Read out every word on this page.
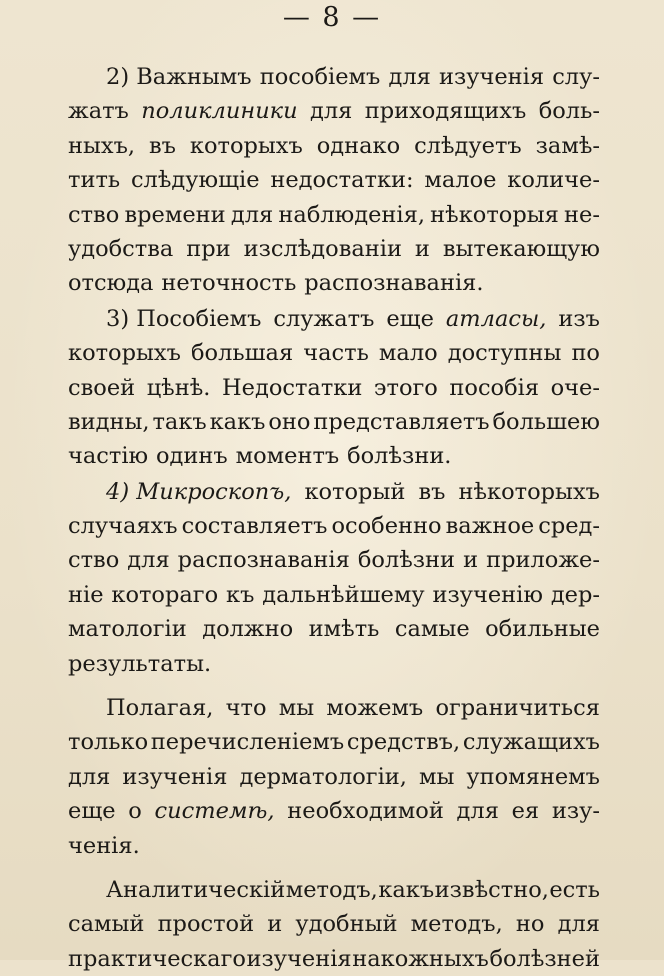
— 8 —
2) Важнымъ пособіемъ для изученія слу-
жатъ поликлиники для приходящихъ боль-
ныхъ, въ которыхъ однако слѣдуетъ замѣ-
тить слѣдующіе недостатки: малое количе-
ство времени для наблюденія, нѣкоторыя не-
удобства при изслѣдованіи и вытекающую
отсюда неточность распознаванія.
3) Пособіемъ служатъ еще атласы, изъ
которыхъ большая часть мало доступны по
своей цѣнѣ. Недостатки этого пособія оче-
видны, такъ какъ оно представляетъ большею
частію одинъ моментъ болѣзни.
4) Микроскопъ, который въ нѣкоторыхъ
случаяхъ составляетъ особенно важное сред-
ство для распознаванія болѣзни и приложе-
ніе котораго къ дальнѣйшему изученію дер-
матологіи должно имѣть самые обильные
результаты.
Полагая, что мы можемъ ограничиться
только перечисленіемъ средствъ, служащихъ
для изученія дерматологіи, мы упомянемъ
еще о системѣ, необходимой для ея изу-
ченія.
Аналитическій методъ, какъ извѣстно, есть
самый простой и удобный методъ, но для
практическаго изученія накожныхъ болѣзней
